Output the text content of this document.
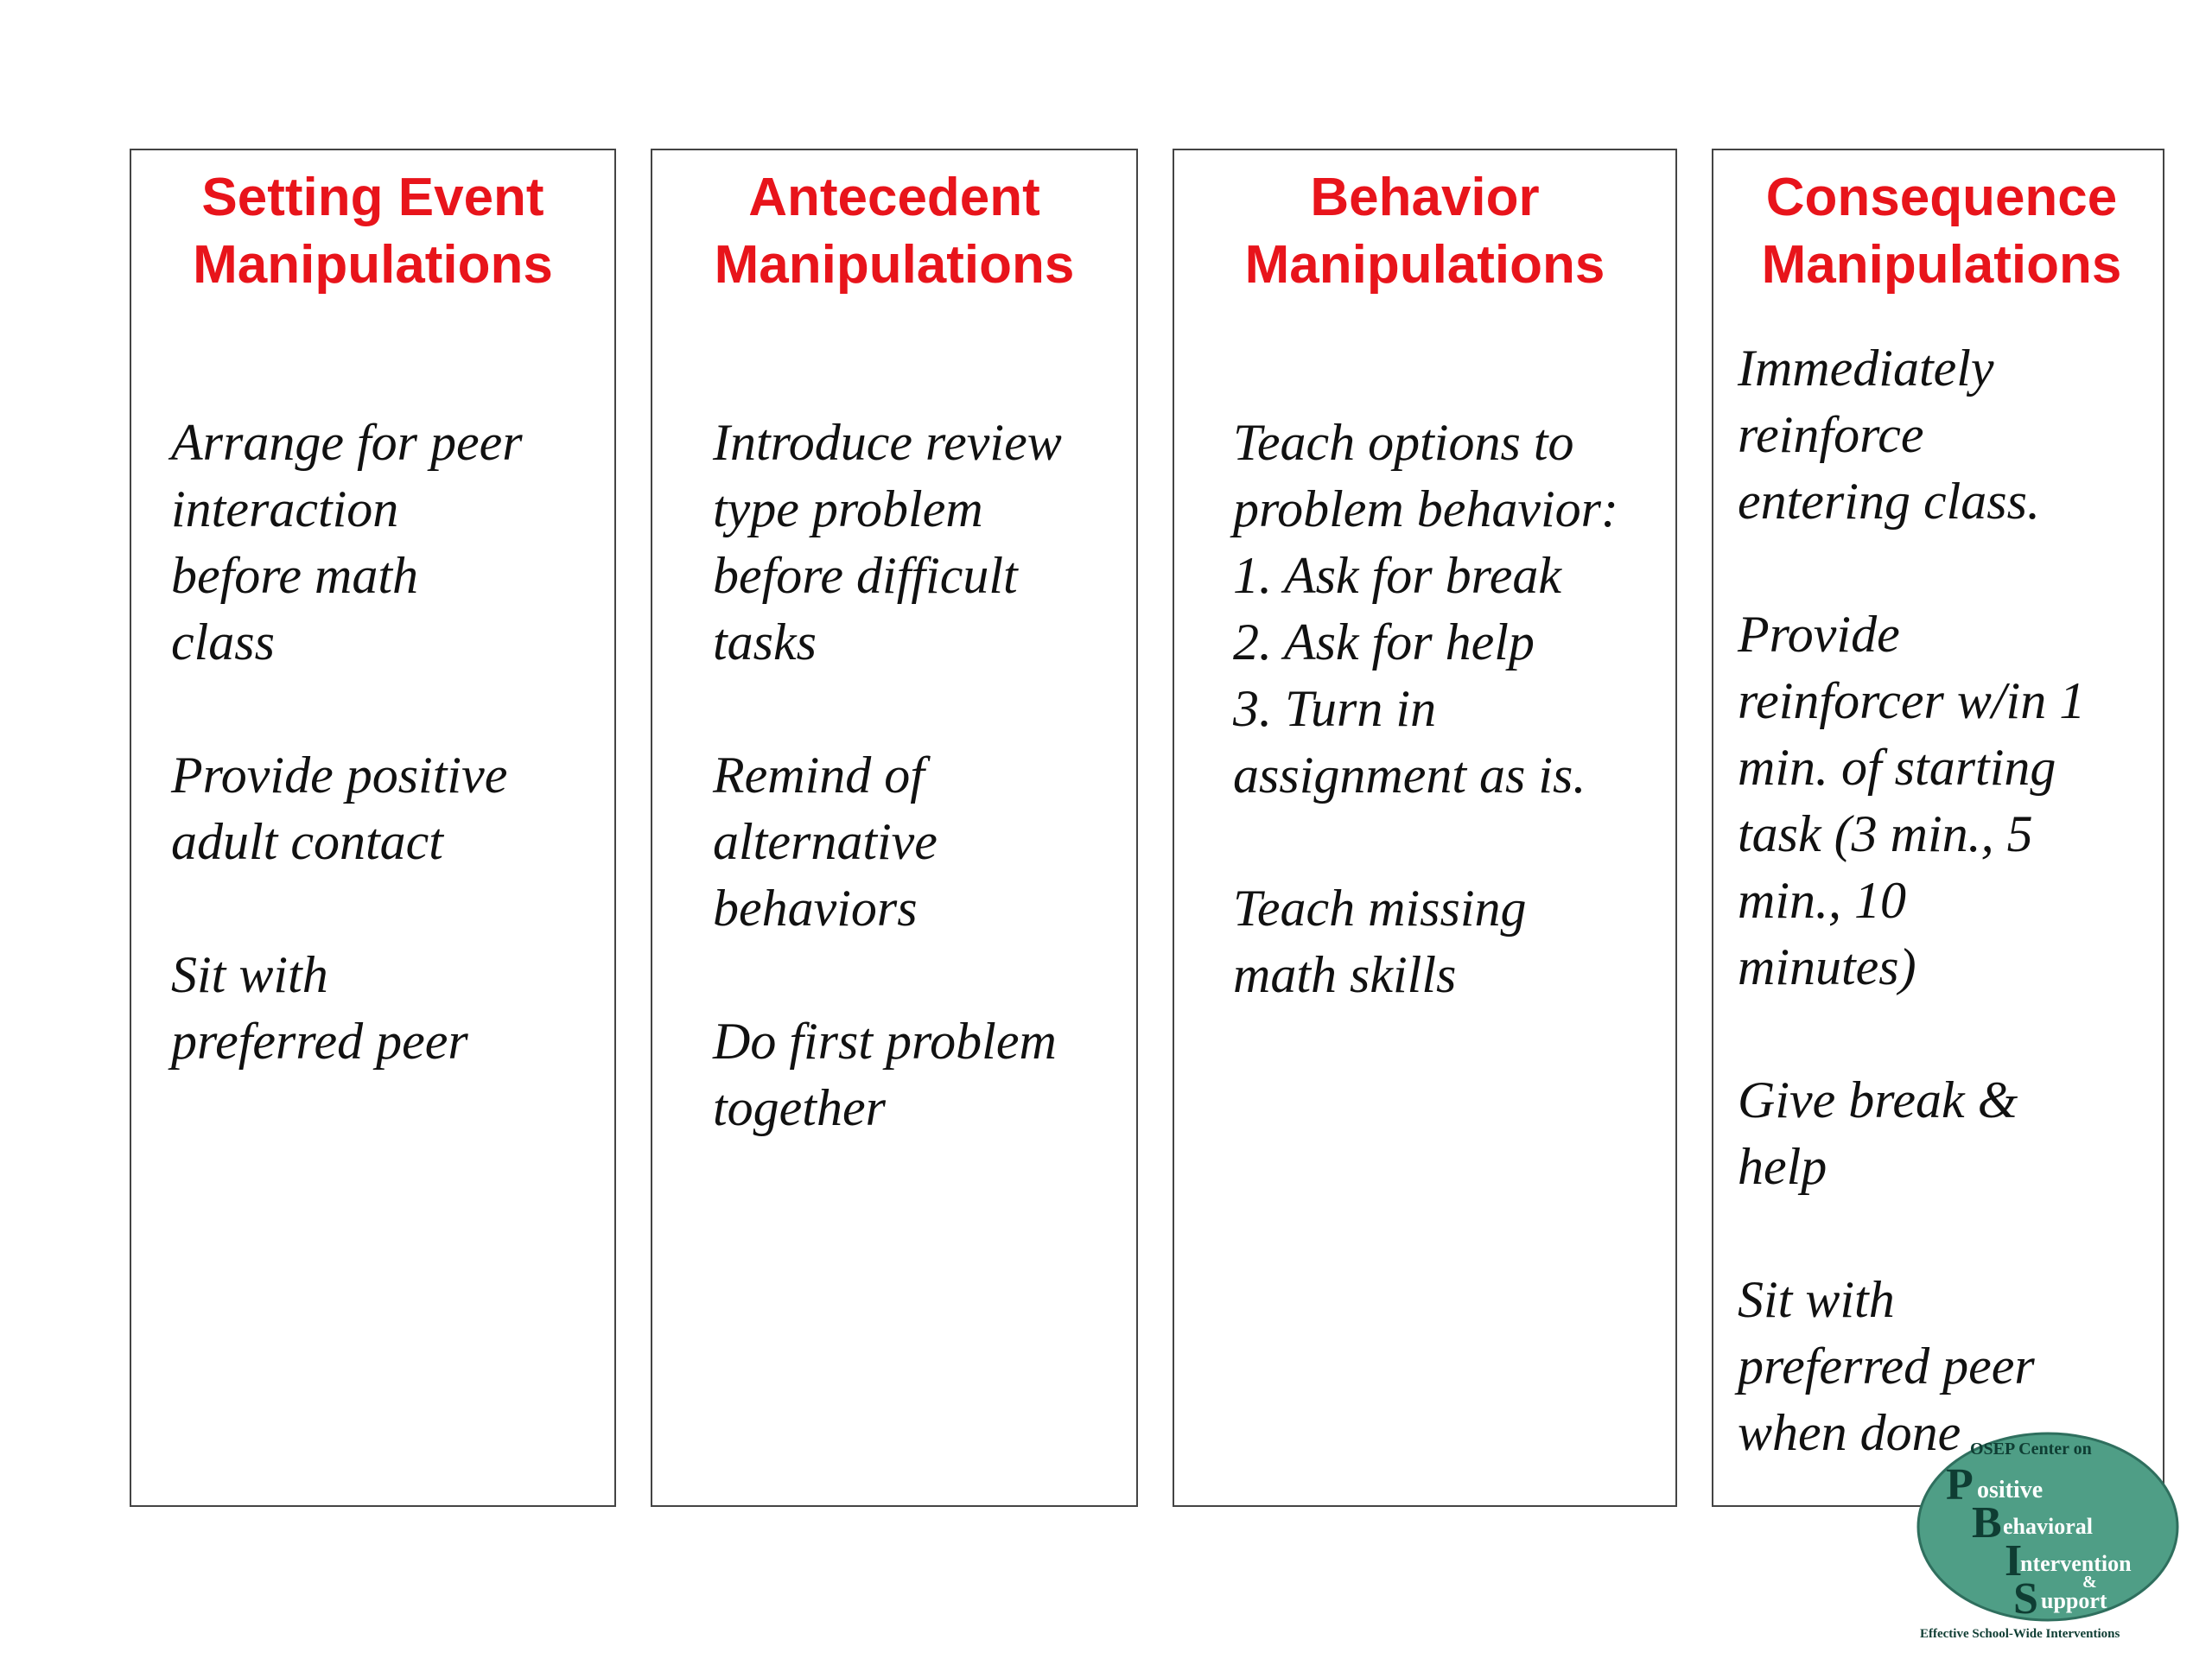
Setting Event
Manipulations
Arrange for peer
interaction
before math
class
Provide positive
adult contact
Sit with
preferred peer
Antecedent
Manipulations
Introduce review
type problem
before difficult
tasks
Remind of
alternative
behaviors
Do first problem
together
Behavior
Manipulations
Teach options to
problem behavior:
1. Ask for break
2. Ask for help
3. Turn in
assignment as is.
Teach missing
math skills
Consequence
Manipulations
Immediately
reinforce
entering class.
Provide
reinforcer w/in 1
min. of starting
task (3 min., 5
min., 10
minutes)
Give break &
help
Sit with
preferred peer
when done OSEP Center on
P ositive
B ehavioral
I
ntervention
&
S upport
Effective School-Wide Interventions
